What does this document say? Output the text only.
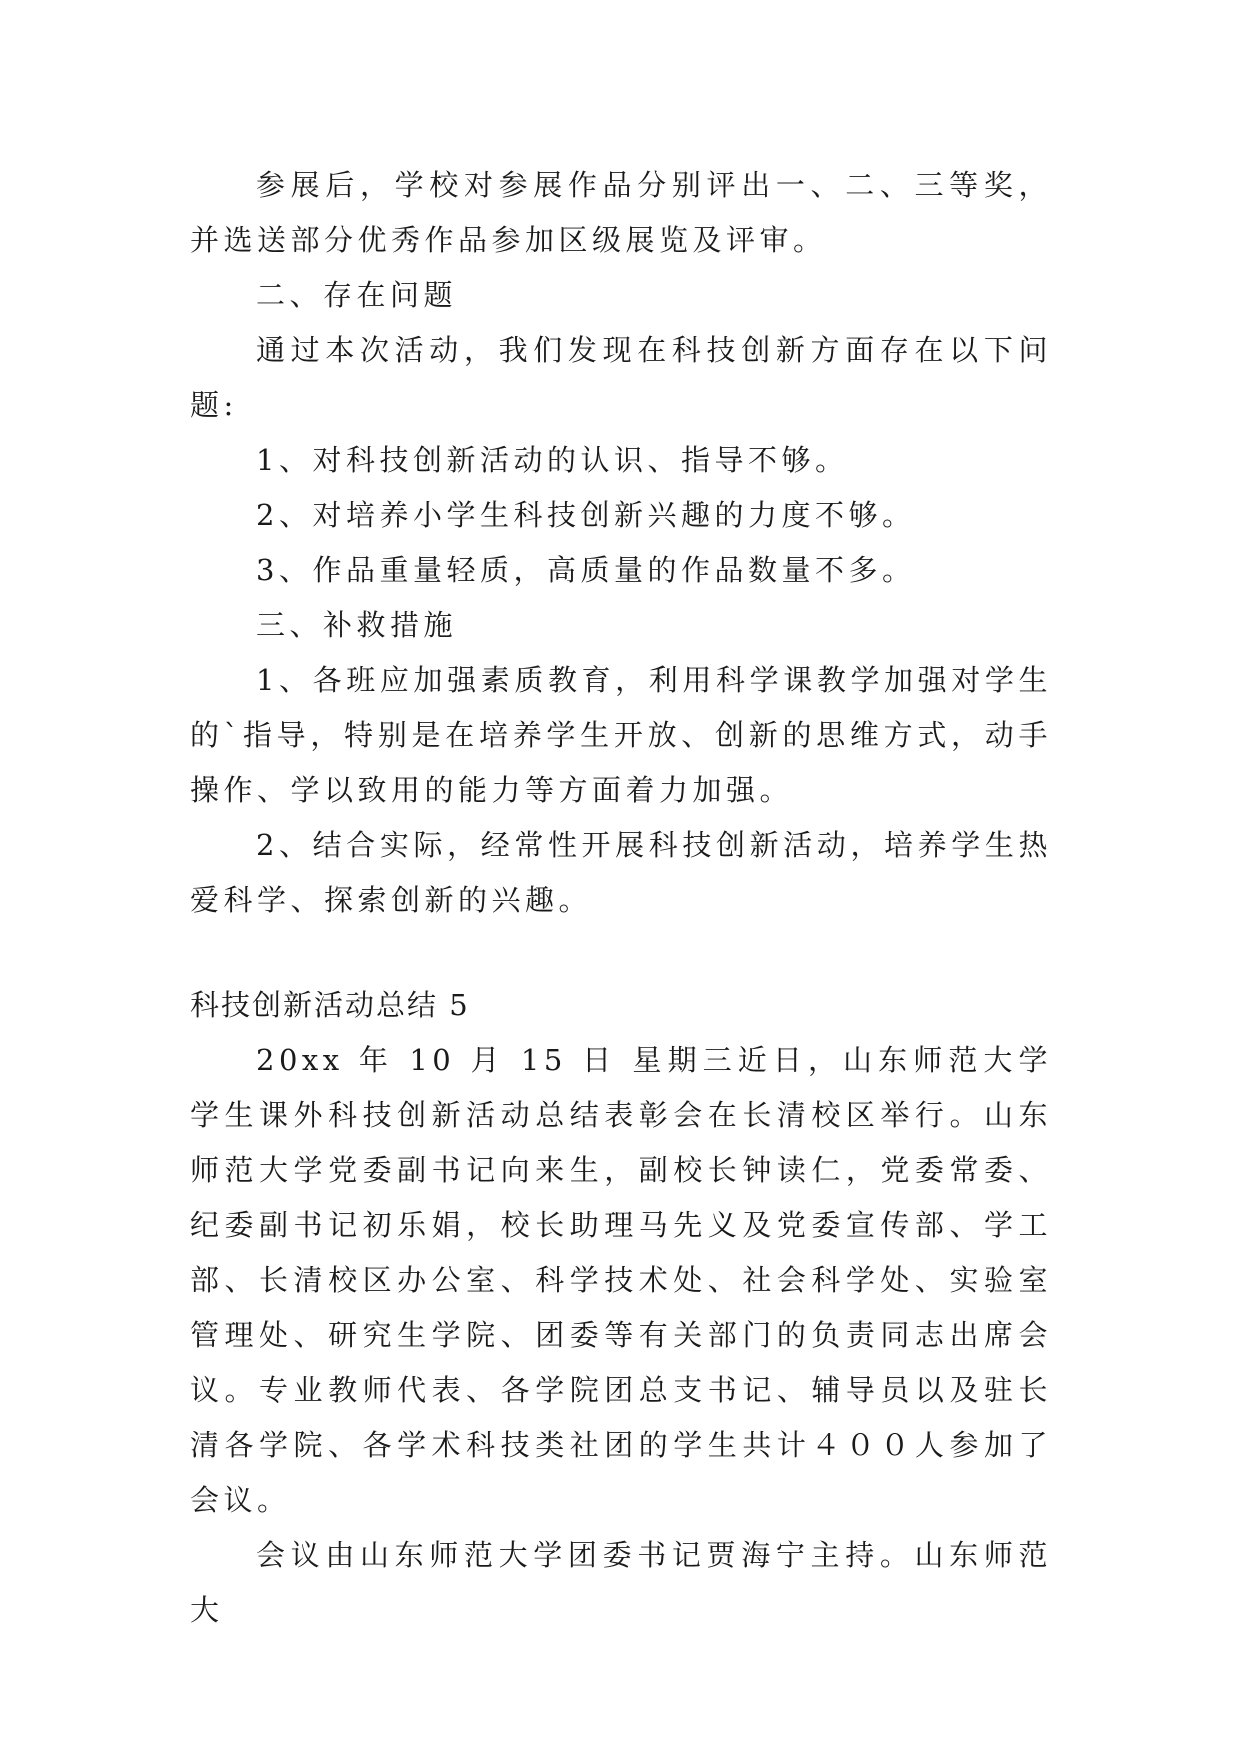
参展后，学校对参展作品分别评出一、二、三等奖，并选送部分优秀作品参加区级展览及评审。

二、存在问题

通过本次活动，我们发现在科技创新方面存在以下问题:

1、对科技创新活动的认识、指导不够。

2、对培养小学生科技创新兴趣的力度不够。

3、作品重量轻质，高质量的作品数量不多。

三、补救措施

1、各班应加强素质教育，利用科学课教学加强对学生的`指导，特别是在培养学生开放、创新的思维方式，动手操作、学以致用的能力等方面着力加强。

2、结合实际，经常性开展科技创新活动，培养学生热爱科学、探索创新的兴趣。

科技创新活动总结 5

20xx 年 10 月 15 日 星期三近日，山东师范大学学生课外科技创新活动总结表彰会在长清校区举行。山东师范大学党委副书记向来生，副校长钟读仁，党委常委、纪委副书记初乐娟，校长助理马先义及党委宣传部、学工部、长清校区办公室、科学技术处、社会科学处、实验室管理处、研究生学院、团委等有关部门的负责同志出席会议。专业教师代表、各学院团总支书记、辅导员以及驻长清各学院、各学术科技类社团的学生共计４００人参加了会议。

会议由山东师范大学团委书记贾海宁主持。山东师范大
